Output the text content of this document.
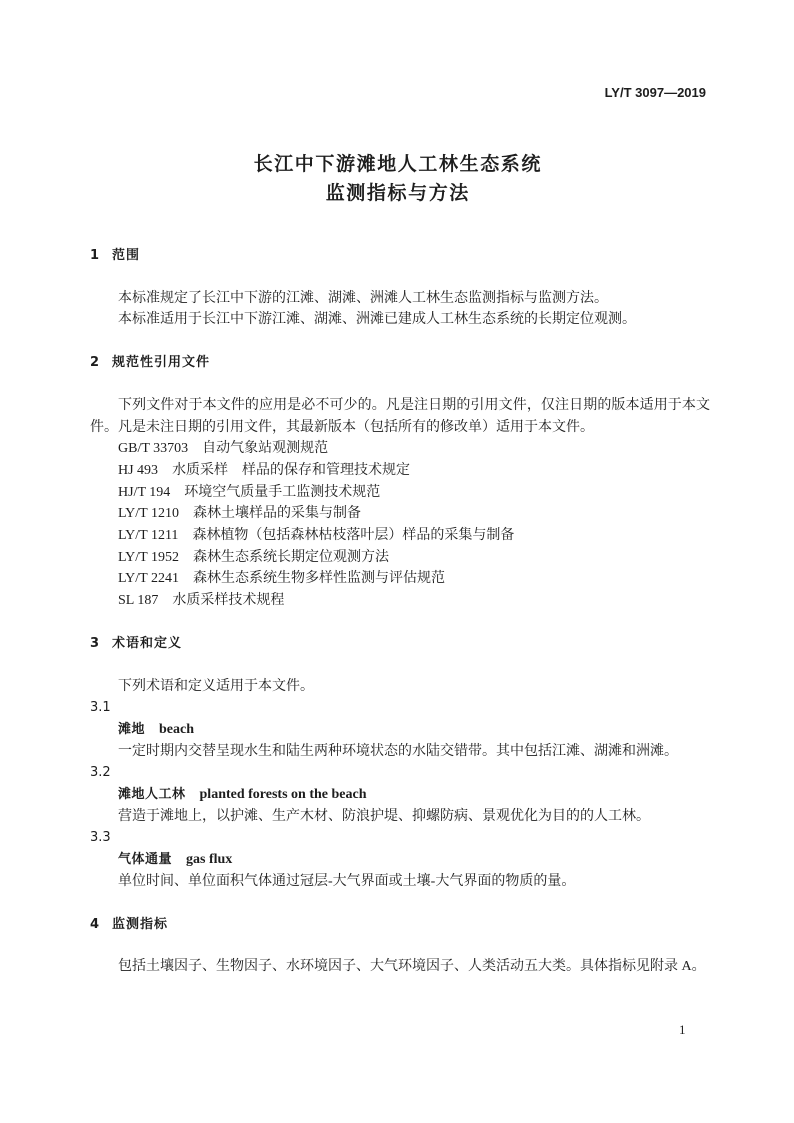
LY/T 3097—2019
长江中下游滩地人工林生态系统
监测指标与方法
1 范围

本标准规定了长江中下游的江滩、湖滩、洲滩人工林生态监测指标与监测方法。

本标准适用于长江中下游江滩、湖滩、洲滩已建成人工林生态系统的长期定位观测。

2 规范性引用文件

下列文件对于本文件的应用是必不可少的。凡是注日期的引用文件，仅注日期的版本适用于本文件。凡是未注日期的引用文件，其最新版本（包括所有的修改单）适用于本文件。

GB/T 33703 自动气象站观测规范
HJ 493 水质采样　样品的保存和管理技术规定
HJ/T 194 环境空气质量手工监测技术规范
LY/T 1210 森林土壤样品的采集与制备
LY/T 1211 森林植物（包括森林枯枝落叶层）样品的采集与制备
LY/T 1952 森林生态系统长期定位观测方法
LY/T 2241 森林生态系统生物多样性监测与评估规范
SL 187 水质采样技术规程
3 术语和定义

下列术语和定义适用于本文件。

3.1
滩地 beach

一定时期内交替呈现水生和陆生两种环境状态的水陆交错带。其中包括江滩、湖滩和洲滩。

3.2
滩地人工林 planted forests on the beach

营造于滩地上，以护滩、生产木材、防浪护堤、抑螺防病、景观优化为目的的人工林。

3.3
气体通量 gas flux

单位时间、单位面积气体通过冠层-大气界面或土壤-大气界面的物质的量。

4 监测指标

包括土壤因子、生物因子、水环境因子、大气环境因子、人类活动五大类。具体指标见附录 A。

1
